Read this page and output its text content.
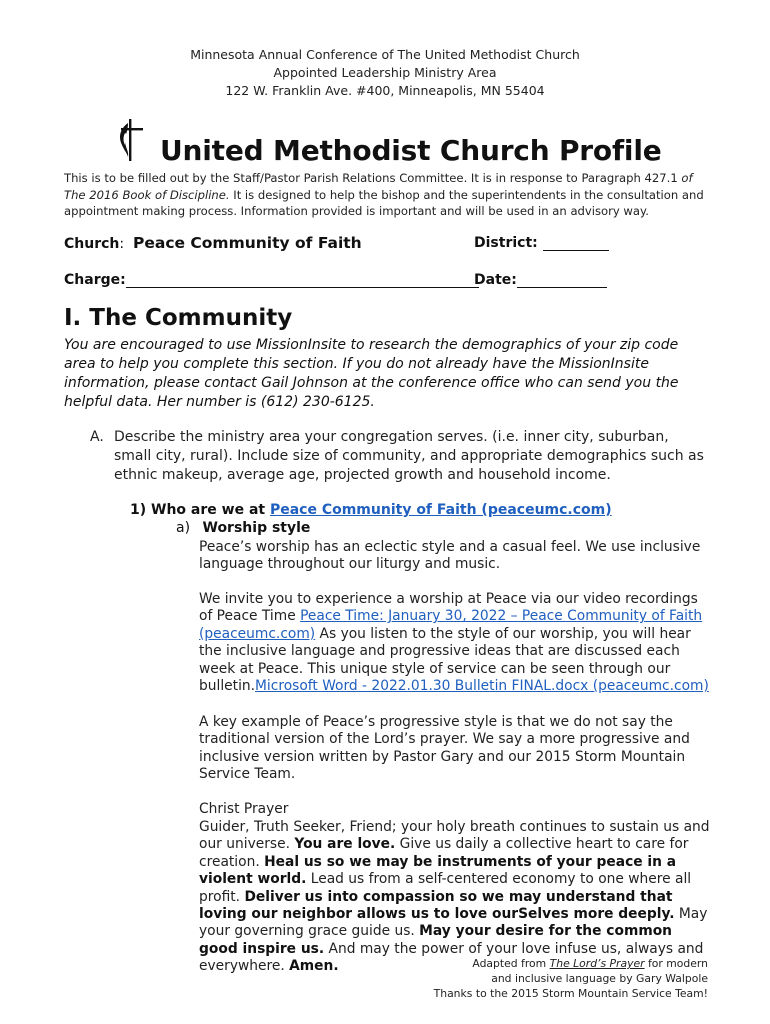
Minnesota Annual Conference of The United Methodist Church
Appointed Leadership Ministry Area
122 W. Franklin Ave. #400, Minneapolis, MN 55404
United Methodist Church Profile
This is to be filled out by the Staff/Pastor Parish Relations Committee. It is in response to Paragraph 427.1 of The 2016 Book of Discipline. It is designed to help the bishop and the superintendents in the consultation and appointment making process. Information provided is important and will be used in an advisory way.
Church: Peace Community of Faith	District:
Charge:	Date:
I. The Community
You are encouraged to use MissionInsite to research the demographics of your zip code area to help you complete this section. If you do not already have the MissionInsite information, please contact Gail Johnson at the conference office who can send you the helpful data. Her number is (612) 230-6125.
A. Describe the ministry area your congregation serves. (i.e. inner city, suburban, small city, rural). Include size of community, and appropriate demographics such as ethnic makeup, average age, projected growth and household income.
1) Who are we at Peace Community of Faith (peaceumc.com)
a) Worship style
Peace’s worship has an eclectic style and a casual feel. We use inclusive language throughout our liturgy and music.
We invite you to experience a worship at Peace via our video recordings of Peace Time Peace Time: January 30, 2022 – Peace Community of Faith (peaceumc.com) As you listen to the style of our worship, you will hear the inclusive language and progressive ideas that are discussed each week at Peace. This unique style of service can be seen through our bulletin.Microsoft Word - 2022.01.30 Bulletin FINAL.docx (peaceumc.com)
A key example of Peace’s progressive style is that we do not say the traditional version of the Lord’s prayer. We say a more progressive and inclusive version written by Pastor Gary and our 2015 Storm Mountain Service Team.
Christ Prayer
Guider, Truth Seeker, Friend; your holy breath continues to sustain us and our universe. You are love. Give us daily a collective heart to care for creation. Heal us so we may be instruments of your peace in a violent world. Lead us from a self-centered economy to one where all profit. Deliver us into compassion so we may understand that loving our neighbor allows us to love ourSelves more deeply. May your governing grace guide us. May your desire for the common good inspire us. And may the power of your love infuse us, always and everywhere. Amen.	Adapted from The Lord’s Prayer for modern
and inclusive language by Gary Walpole
Thanks to the 2015 Storm Mountain Service Team!
